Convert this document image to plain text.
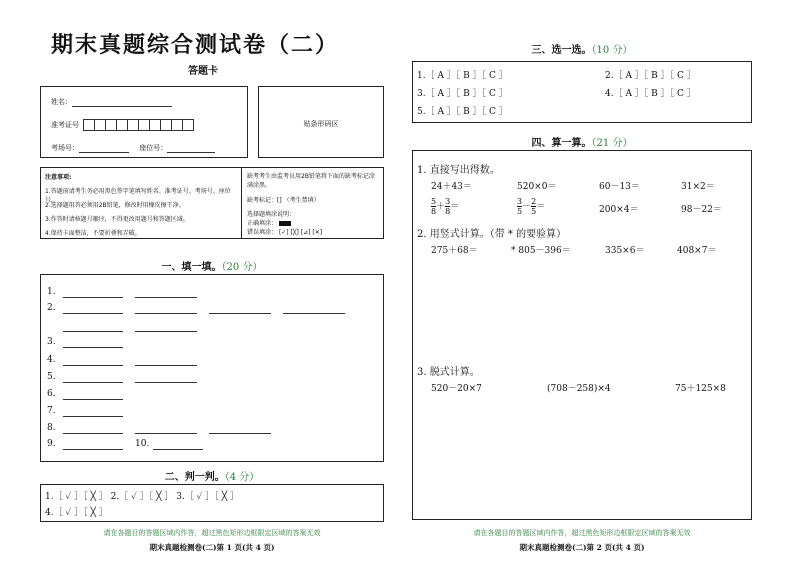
期末真题综合测试卷（二）
答题卡
姓名：
准考证号
考场号：	座位号：
贴条形码区
注意事项:
1.答题前请考生务必用黑色签字笔填写姓名、准考证号、考场号、座位号。
2.选择题用答必须用2B铅笔，修改时用橡皮擦干净。
3.作答时请核题号顺序，不得更改用题号和答题区域。
4.保持卡面整洁，不要折叠和弄破。
缺考考生由监考员用2B铅笔将下面的缺考标记涂满涂黑。
缺考标记：[] （考生禁填）
选择题填涂说明：
正确填涂：
错误填涂： [✓] [╳] [⊿] [✕]
一、填一填。（20 分）
1.
2.
3.
4.
5.
6.
7.
8.
9.	10.
二、判一判。（4 分）
1.［ ✓ ］［ ╳ ］ 2.［ ✓ ］［ ╳ ］ 3.［ ✓ ］［ ╳ ］
4.［ ✓ ］［ ╳ ］
请在各题目的答题区域内作答，超过黑色矩形边框限定区域的答案无效
期末真题检测卷(二)第 1 页(共 4 页)
三、选一选。（10 分）
1.［ A ］［ B ］［ C ］	2.［ A ］［ B ］［ C ］
3.［ A ］［ B ］［ C ］	4.［ A ］［ B ］［ C ］
5.［ A ］［ B ］［ C ］
四、算一算。（21 分）
1. 直接写出得数。
24＋43＝	520×0＝	60－13＝	31×2＝
$\frac{5}{8} + \frac{3}{8}$ ＝	$\frac{3}{5} - \frac{2}{5}$ ＝	200×4＝	98－22＝
2. 用竖式计算。（带 * 的要验算）
275＋68＝	* 805－396＝	335×6＝	408×7＝
3. 脱式计算。
520－20×7	(708－258)×4	75＋125×8
请在各题目的答题区域内作答，超过黑色矩形边框限定区域的答案无效
期末真题检测卷(二)第 2 页(共 4 页)
